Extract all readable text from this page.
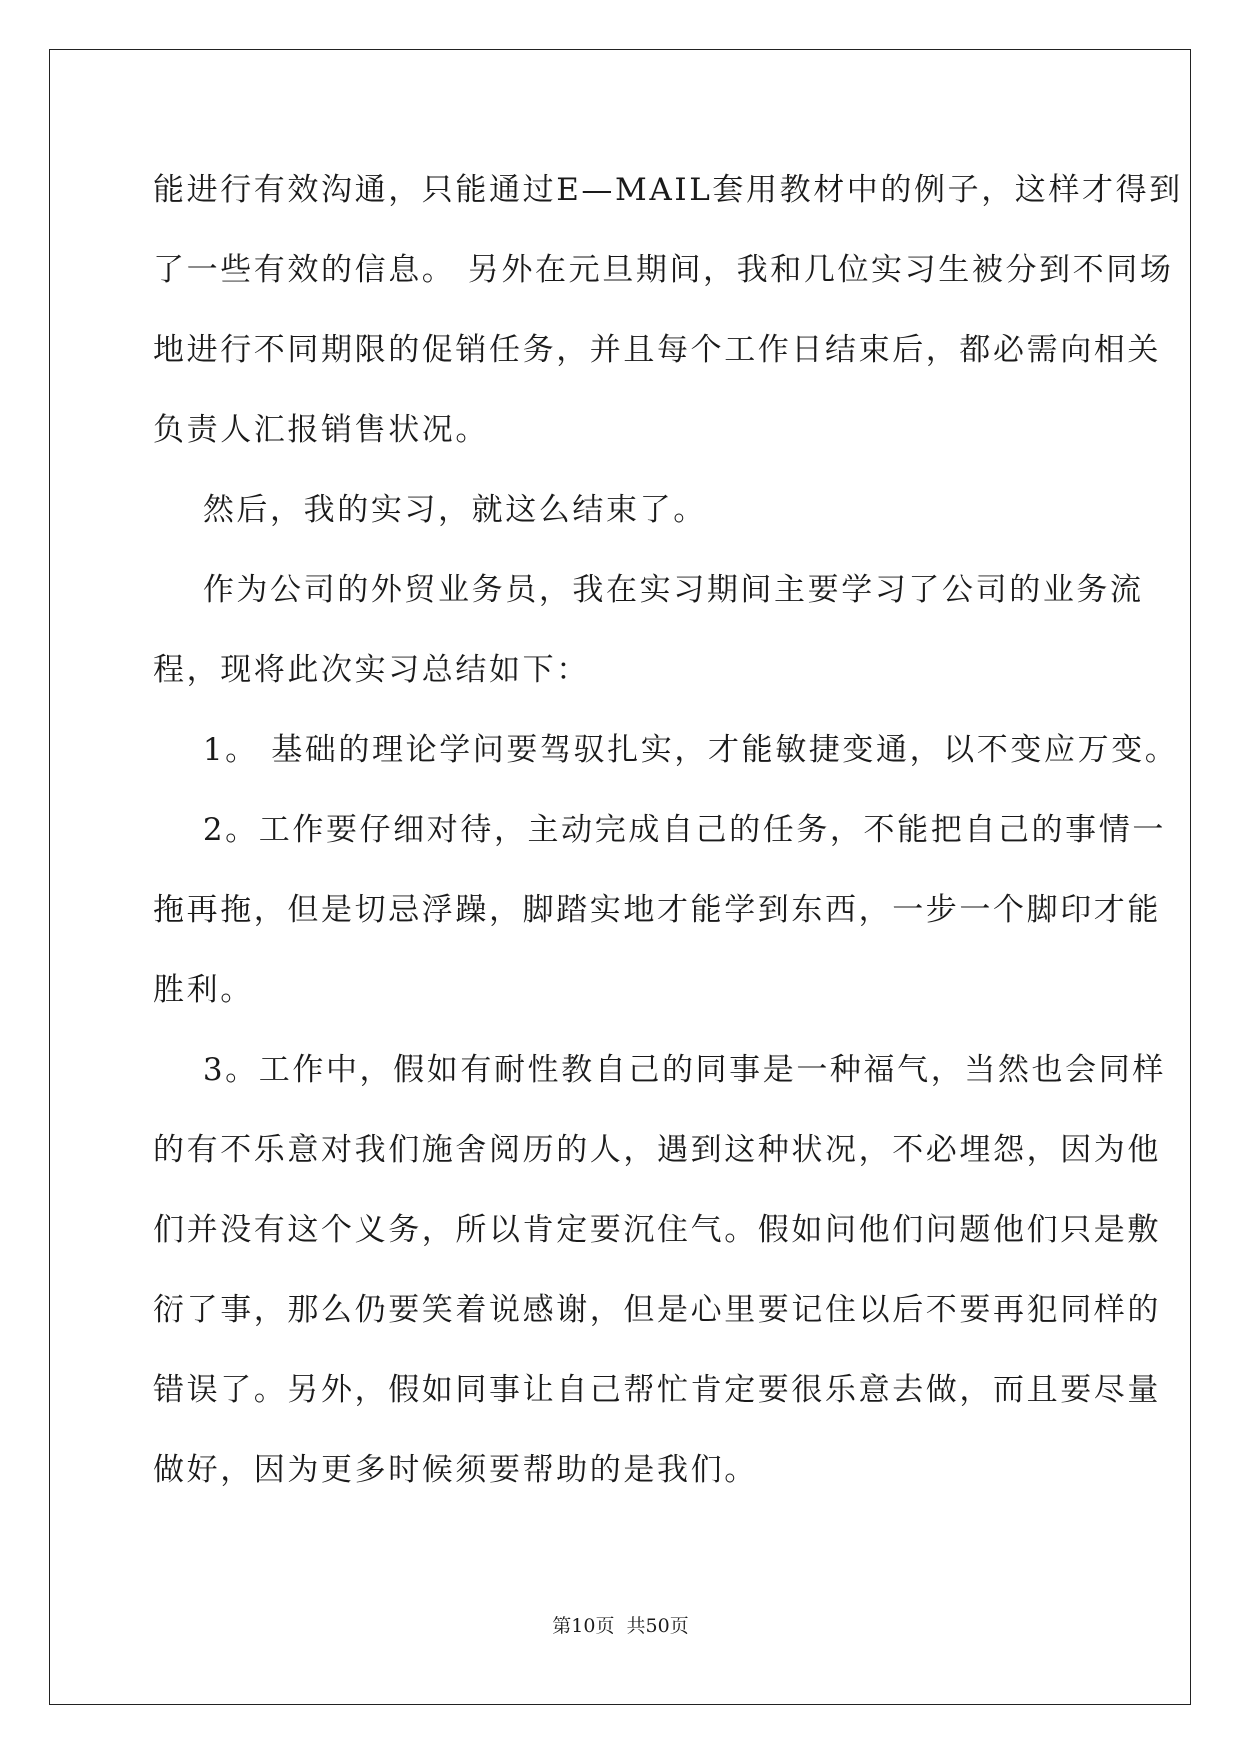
能进行有效沟通，只能通过E—MAIL套用教材中的例子，这样才得到
了一些有效的信息。 另外在元旦期间，我和几位实习生被分到不同场
地进行不同期限的促销任务，并且每个工作日结束后，都必需向相关
负责人汇报销售状况。
然后，我的实习，就这么结束了。
作为公司的外贸业务员，我在实习期间主要学习了公司的业务流
程，现将此次实习总结如下：
1。 基础的理论学问要驾驭扎实，才能敏捷变通，以不变应万变。
2。工作要仔细对待，主动完成自己的任务，不能把自己的事情一
拖再拖，但是切忌浮躁，脚踏实地才能学到东西，一步一个脚印才能
胜利。
3。工作中，假如有耐性教自己的同事是一种福气，当然也会同样
的有不乐意对我们施舍阅历的人，遇到这种状况，不必埋怨，因为他
们并没有这个义务，所以肯定要沉住气。假如问他们问题他们只是敷
衍了事，那么仍要笑着说感谢，但是心里要记住以后不要再犯同样的
错误了。另外，假如同事让自己帮忙肯定要很乐意去做，而且要尽量
做好，因为更多时候须要帮助的是我们。
第10页  共50页
